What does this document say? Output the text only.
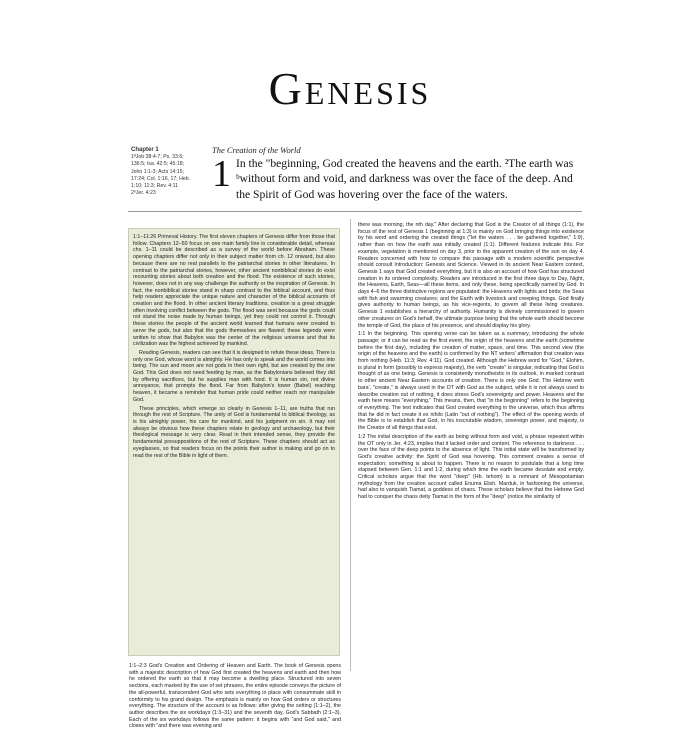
Genesis
Chapter 1
1ªJob 38:4-7; Ps. 33:6;
136:5; Isa. 42:5; 45:18;
John 1:1-3; Acts 14:15;
17:24; Col. 1:16, 17; Heb.
1:10; 11:3; Rev. 4:11
2ᵇJer. 4:23
The Creation of the World
1 In the "beginning, God created the heavens and the earth. ²The earth was ᵇwithout form and void, and darkness was over the face of the deep. And the Spirit of God was hovering over the face of the waters.

1:1–11:26 Primeval History. The first eleven chapters of Genesis differ from those that follow. Chapters 12–50 focus on one main family line in considerable detail, whereas chs. 1–11 could be described as a survey of the world before Abraham. These opening chapters differ not only in their subject matter from ch. 12 onward, but also because there are no real parallels to the patriarchal stories in other literatures. In contrast to the patriarchal stories, however, other ancient nonbiblical stories do exist recounting stories about both creation and the flood. The existence of such stories, however, does not in any way challenge the authority or the inspiration of Genesis. In fact, the nonbiblical stories stand in sharp contrast to the biblical account, and thus help readers appreciate the unique nature and character of the biblical accounts of creation and the flood. In other ancient literary traditions, creation is a great struggle often involving conflict between the gods. The flood was sent because the gods could not stand the noise made by human beings, yet they could not control it. Through these stories the people of the ancient world learned that humans were created to serve the gods, but also that the gods themselves are flawed; these legends were written to show that Babylon was the center of the religious universe and that its civilization was the highest achieved by mankind.

Reading Genesis, readers can see that it is designed to refute these ideas. There is only one God, whose word is almighty. He has only to speak and the world comes into being. The sun and moon are not gods in their own right, but are created by the one God. This God does not need feeding by man, as the Babylonians believed they did by offering sacrifices, but he supplies man with food. It is human sin, not divine annoyance, that prompts the flood. Far from Babylon's tower (Babel) reaching heaven, it became a reminder that human pride could neither reach nor manipulate God.

These principles, which emerge so clearly in Genesis 1–11, are truths that run through the rest of Scripture. The unity of God is fundamental to biblical theology, as is his almighty power, his care for mankind, and his judgment on sin. It may not always be obvious how these chapters relate to geology and archaeology, but their theological message is very clear. Read in their intended sense, they provide the fundamental presuppositions of the rest of Scripture. These chapters should act as eyeglasses, so that readers focus on the points their author is making and go on to read the rest of the Bible in light of them.

1:1–2:3 God's Creation and Ordering of Heaven and Earth. The book of Genesis opens with a majestic description of how God first created the heavens and earth and then how he ordered the earth so that it may become a dwelling place. Structured into seven sections, each marked by the use of set phrases, the entire episode conveys the picture of the all-powerful, transcendent God who sets everything in place with consummate skill in conformity to his grand design. The emphasis is mainly on how God orders or structures everything. The structure of the account is as follows: after giving the setting (1:1–2), the author describes the six workdays (1:3–31) and the seventh day, God's Sabbath (2:1–3). Each of the six workdays follows the same pattern: it begins with "and God said," and closes with "and there was evening and

there was morning, the nth day." After declaring that God is the Creator of all things (1:1), the focus of the rest of Genesis 1 (beginning at 1:3) is mainly on God bringing things into existence by his word and ordering the created things ("let the waters . . . be gathered together," 1:9), rather than on how the earth was initially created (1:1). Different features indicate this. For example, vegetation is mentioned on day 3, prior to the apparent creation of the sun on day 4. Readers concerned with how to compare this passage with a modern scientific perspective should consult Introduction: Genesis and Science. Viewed in its ancient Near Eastern context, Genesis 1 says that God created everything, but it is also an account of how God has structured creation in its ordered complexity. Readers are introduced in the first three days to Day, Night, the Heavens, Earth, Seas—all these items, and only these, being specifically named by God. In days 4–6 the three distinctive regions are populated: the Heavens with lights and birds; the Seas with fish and swarming creatures; and the Earth with livestock and creeping things. God finally gives authority to human beings, as his vice-regents, to govern all these living creatures. Genesis 1 establishes a hierarchy of authority. Humanity is divinely commissioned to govern other creatures on God's behalf, the ultimate purpose being that the whole earth should become the temple of God, the place of his presence, and should display his glory.

1:1 In the beginning. This opening verse can be taken as a summary, introducing the whole passage; or it can be read as the first event, the origin of the heavens and the earth (sometime before the first day), including the creation of matter, space, and time. This second view (the origin of the heavens and the earth) is confirmed by the NT writers' affirmation that creation was from nothing (Heb. 11:3; Rev. 4:11). God created. Although the Hebrew word for "God," Elohim, is plural in form (possibly to express majesty), the verb "create" is singular, indicating that God is thought of as one being. Genesis is consistently monotheistic in its outlook, in marked contrast to other ancient Near Eastern accounts of creation. There is only one God. The Hebrew verb bara', "create," is always used in the OT with God as the subject, while it is not always used to describe creation out of nothing, it does stress God's sovereignty and power. Heavens and the earth here means "everything." This means, then, that "in the beginning" refers to the beginning of everything. The text indicates that God created everything in the universe, which thus affirms that he did in fact create it ex nihilo (Latin "out of nothing"). The effect of the opening words of the Bible is to establish that God, in his inscrutable wisdom, sovereign power, and majesty, is the Creator of all things that exist.

1:2 The initial description of the earth as being without form and void, a phrase repeated within the OT only in Jer. 4:23, implies that it lacked order and content. The reference to darkness . . . over the face of the deep points to the absence of light. This initial state will be transformed by God's creative activity: the Spirit of God was hovering. This comment creates a sense of expectation; something is about to happen. There is no reason to postulate that a long time elapsed between Gen. 1:1 and 1:2, during which time the earth became desolate and empty. Critical scholars argue that the word "deep" (Hb. tehom) is a remnant of Mesopotamian mythology from the creation account called Enuma Elish. Marduk, in fashioning the universe, had also to vanquish Tiamat, a goddess of chaos. These scholars believe that the Hebrew God had to conquer the chaos deity Tiamat in the form of the "deep" (notice the similarity of
